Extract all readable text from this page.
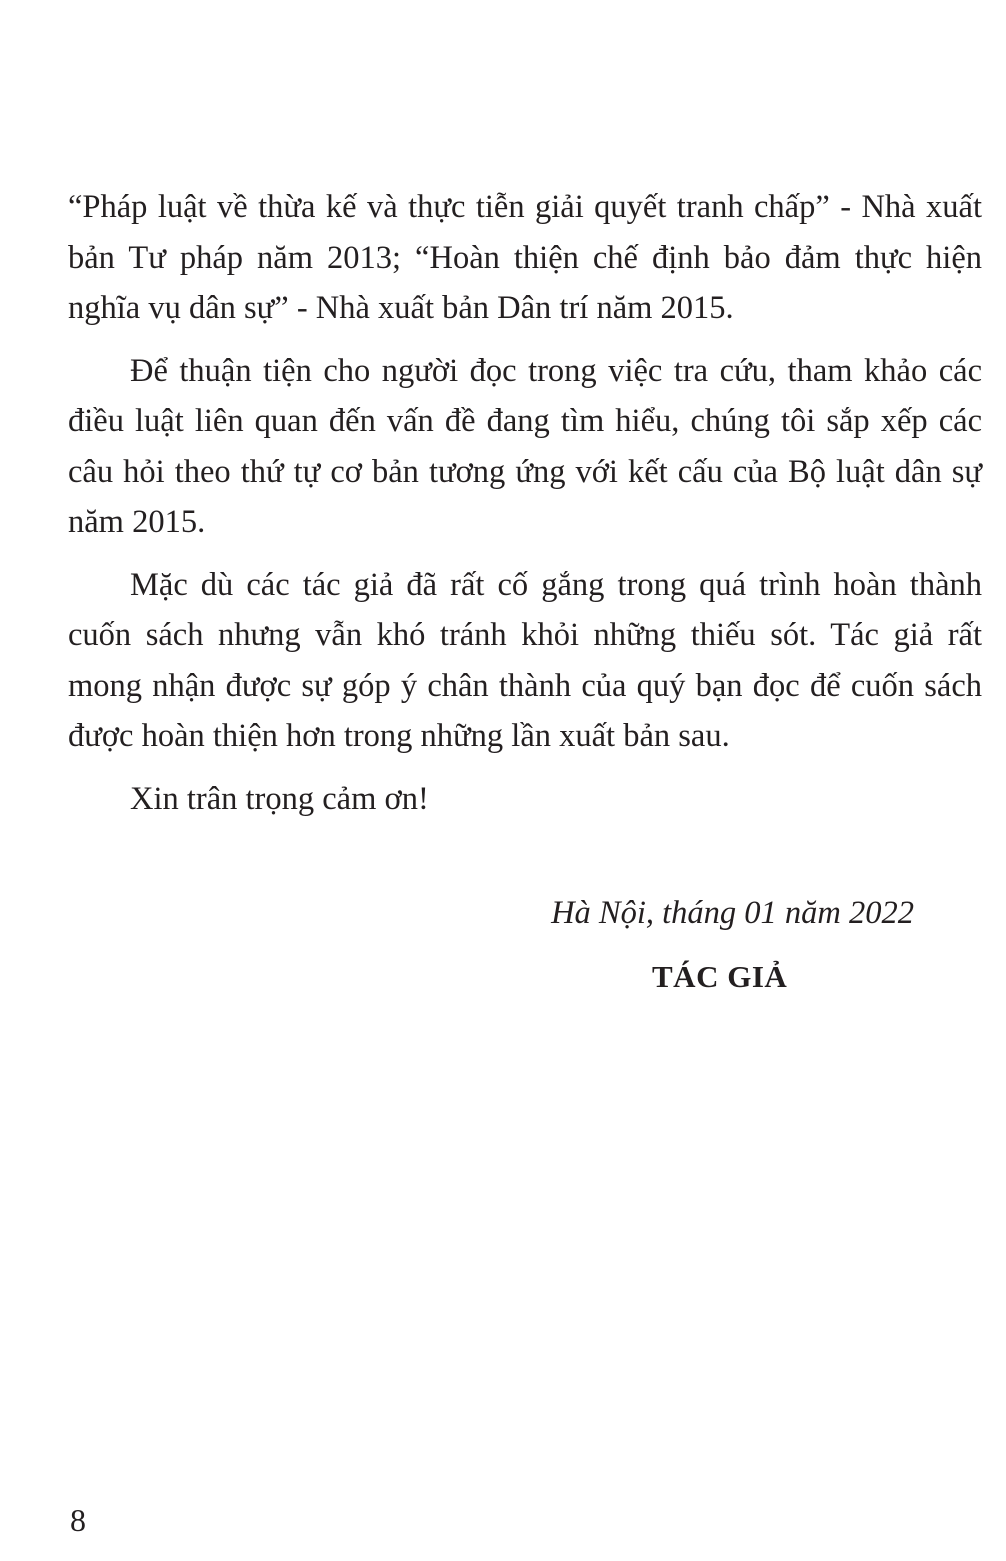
“Pháp luật về thừa kế và thực tiễn giải quyết tranh chấp” - Nhà xuất bản Tư pháp năm 2013; “Hoàn thiện chế định bảo đảm thực hiện nghĩa vụ dân sự” - Nhà xuất bản Dân trí năm 2015.

Để thuận tiện cho người đọc trong việc tra cứu, tham khảo các điều luật liên quan đến vấn đề đang tìm hiểu, chúng tôi sắp xếp các câu hỏi theo thứ tự cơ bản tương ứng với kết cấu của Bộ luật dân sự năm 2015.

Mặc dù các tác giả đã rất cố gắng trong quá trình hoàn thành cuốn sách nhưng vẫn khó tránh khỏi những thiếu sót. Tác giả rất mong nhận được sự góp ý chân thành của quý bạn đọc để cuốn sách được hoàn thiện hơn trong những lần xuất bản sau.

Xin trân trọng cảm ơn!

Hà Nội, tháng 01 năm 2022
TÁC GIẢ
8
